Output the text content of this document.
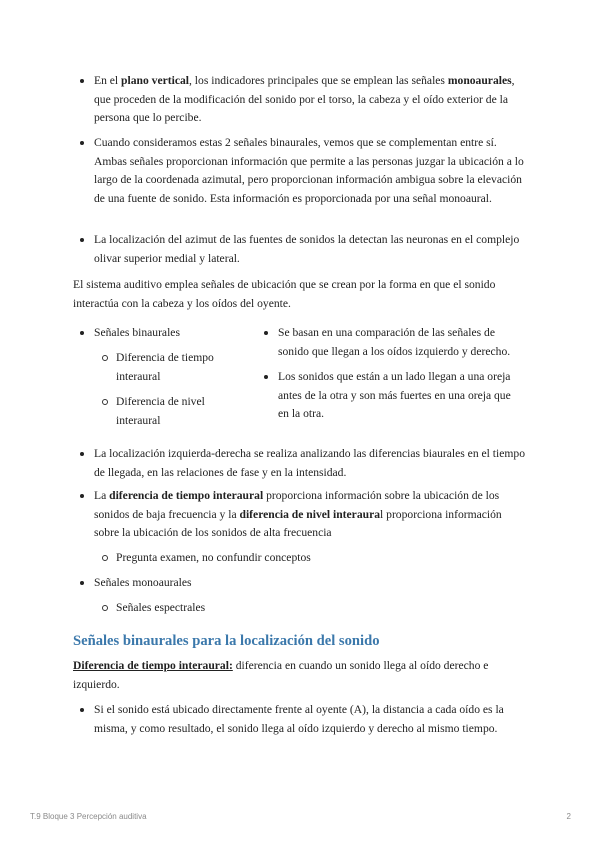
En el plano vertical, los indicadores principales que se emplean las señales monoaurales, que proceden de la modificación del sonido por el torso, la cabeza y el oído exterior de la persona que lo percibe.
Cuando consideramos estas 2 señales binaurales, vemos que se complementan entre sí. Ambas señales proporcionan información que permite a las personas juzgar la ubicación a lo largo de la coordenada azimutal, pero proporcionan información ambigua sobre la elevación de una fuente de sonido. Esta información es proporcionada por una señal monoaural.
La localización del azimut de las fuentes de sonidos la detectan las neuronas en el complejo olivar superior medial y lateral.
El sistema auditivo emplea señales de ubicación que se crean por la forma en que el sonido interactúa con la cabeza y los oídos del oyente.
Señales binaurales
Diferencia de tiempo interaural
Diferencia de nivel interaural
Se basan en una comparación de las señales de sonido que llegan a los oídos izquierdo y derecho.
Los sonidos que están a un lado llegan a una oreja antes de la otra y son más fuertes en una oreja que en la otra.
La localización izquierda-derecha se realiza analizando las diferencias biaurales en el tiempo de llegada, en las relaciones de fase y en la intensidad.
La diferencia de tiempo interaural proporciona información sobre la ubicación de los sonidos de baja frecuencia y la diferencia de nivel interaural proporciona información sobre la ubicación de los sonidos de alta frecuencia
Pregunta examen, no confundir conceptos
Señales monoaurales
Señales espectrales
Señales binaurales para la localización del sonido
Diferencia de tiempo interaural: diferencia en cuando un sonido llega al oído derecho e izquierdo.
Si el sonido está ubicado directamente frente al oyente (A), la distancia a cada oído es la misma, y como resultado, el sonido llega al oído izquierdo y derecho al mismo tiempo.
T.9 Bloque 3 Percepción auditiva	2
